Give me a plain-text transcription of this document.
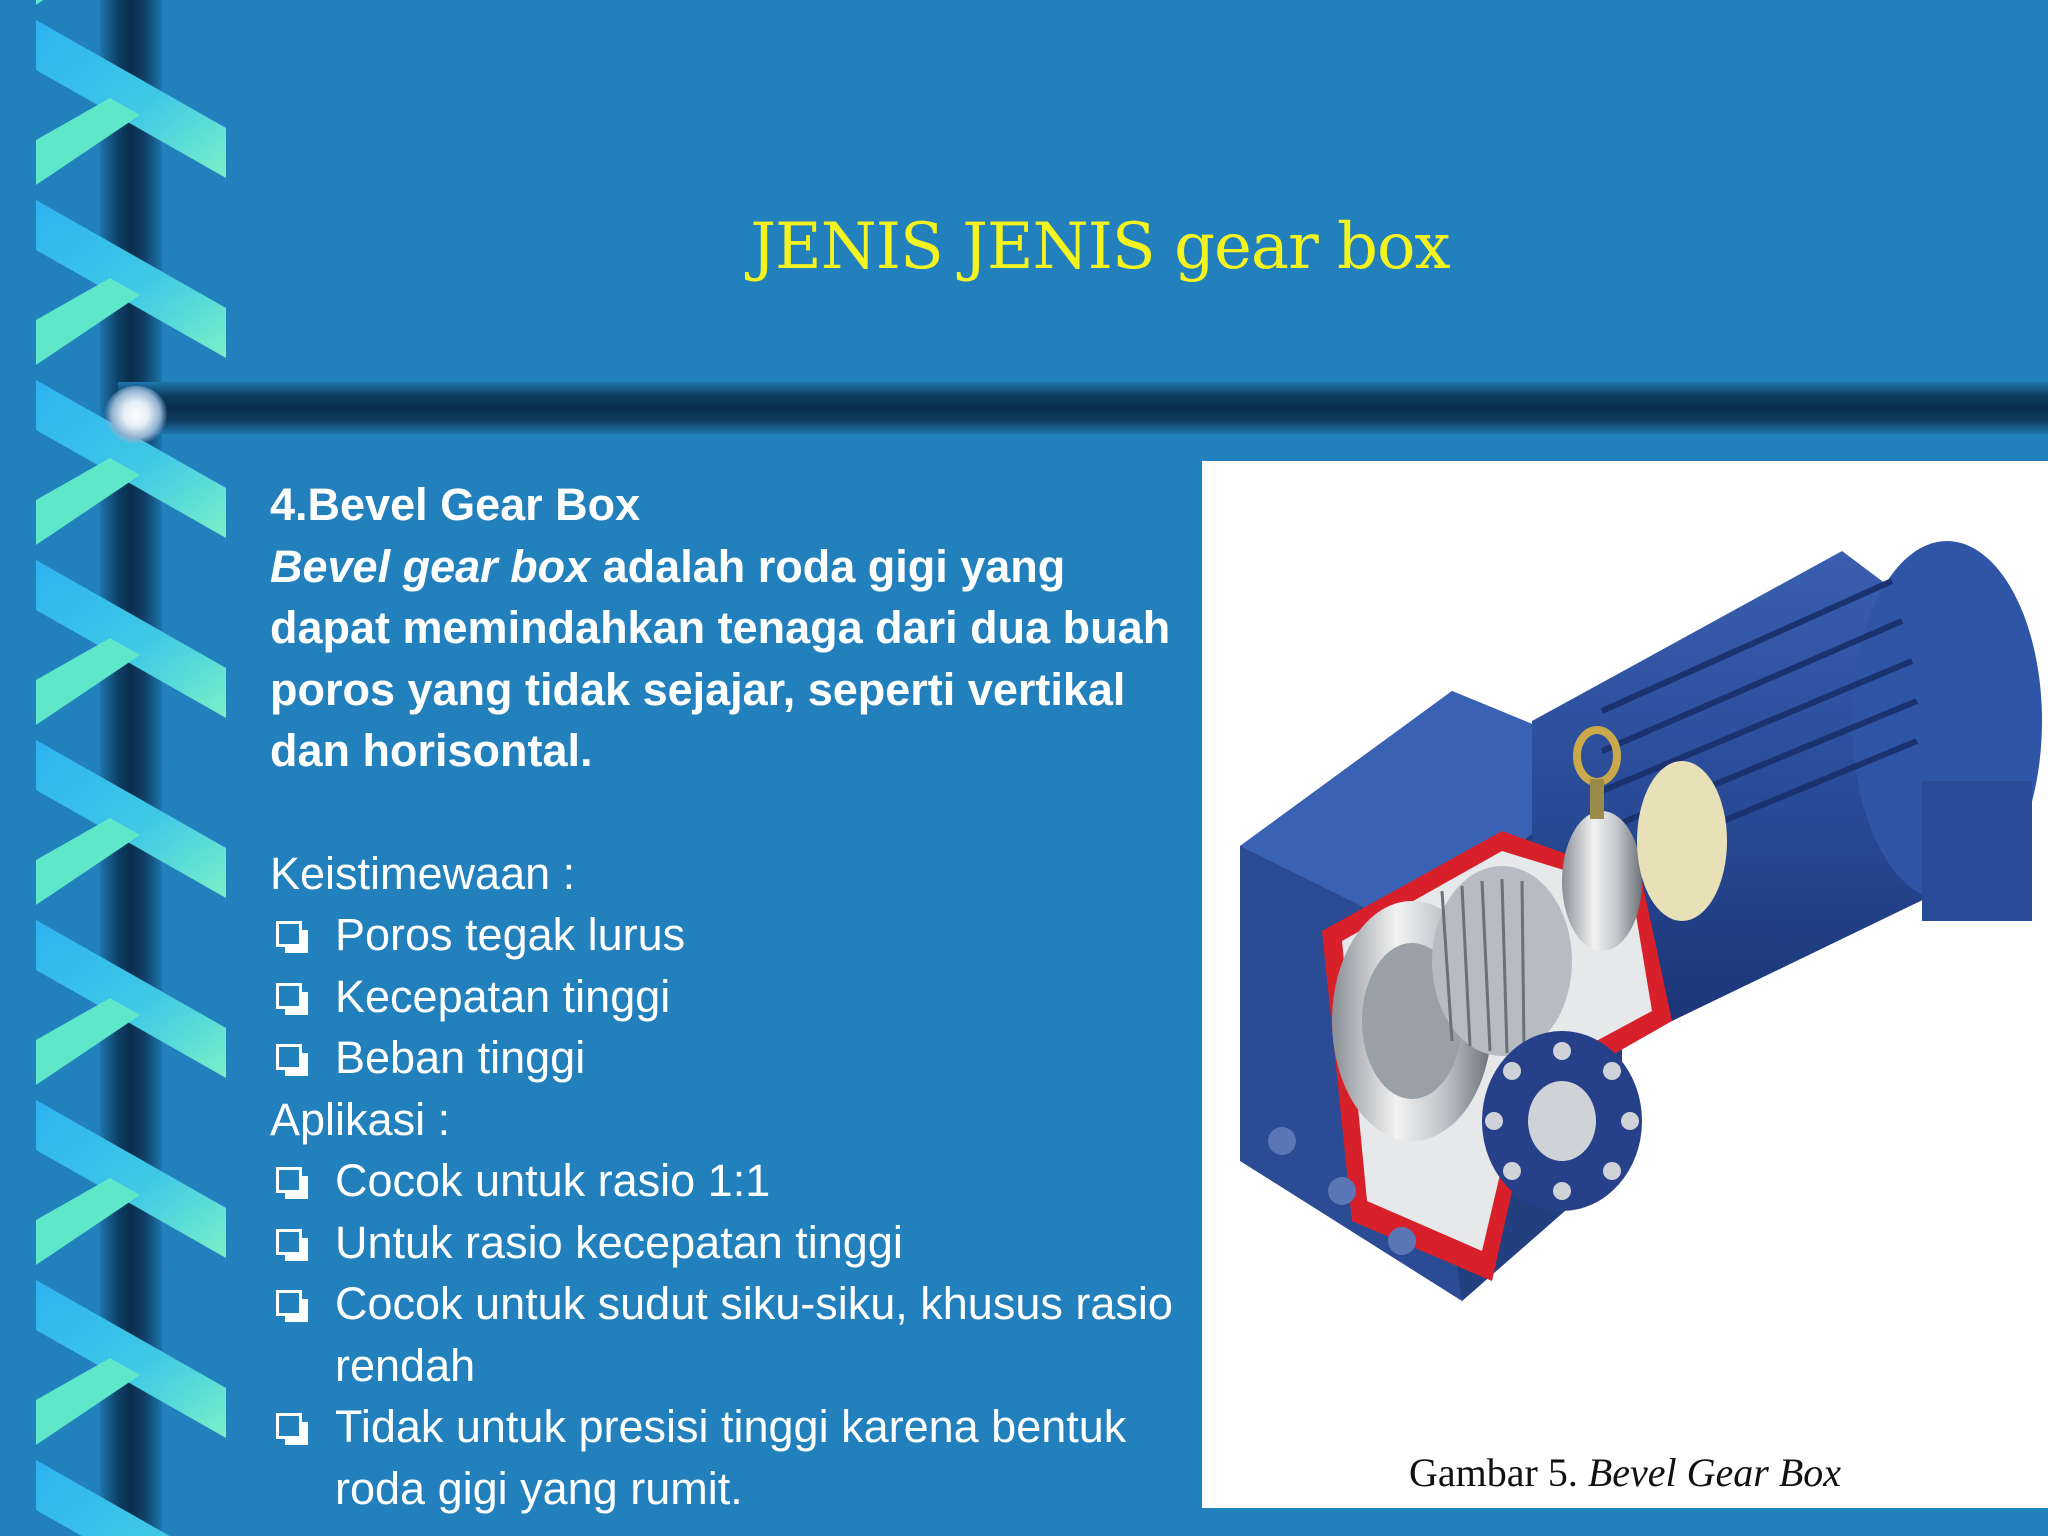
JENIS JENIS gear box

4.Bevel Gear Box

Bevel gear box adalah roda gigi yang dapat memindahkan tenaga dari dua buah poros yang tidak sejajar, seperti vertikal dan horisontal.

Keistimewaan :

Poros tegak lurus
Kecepatan tinggi
Beban tinggi

Aplikasi :

Cocok untuk rasio 1:1
Untuk rasio kecepatan tinggi
Cocok untuk sudut siku-siku, khusus rasio rendah
Tidak untuk presisi tinggi karena bentuk roda gigi yang rumit.	Gambar 5. Bevel Gear Box
